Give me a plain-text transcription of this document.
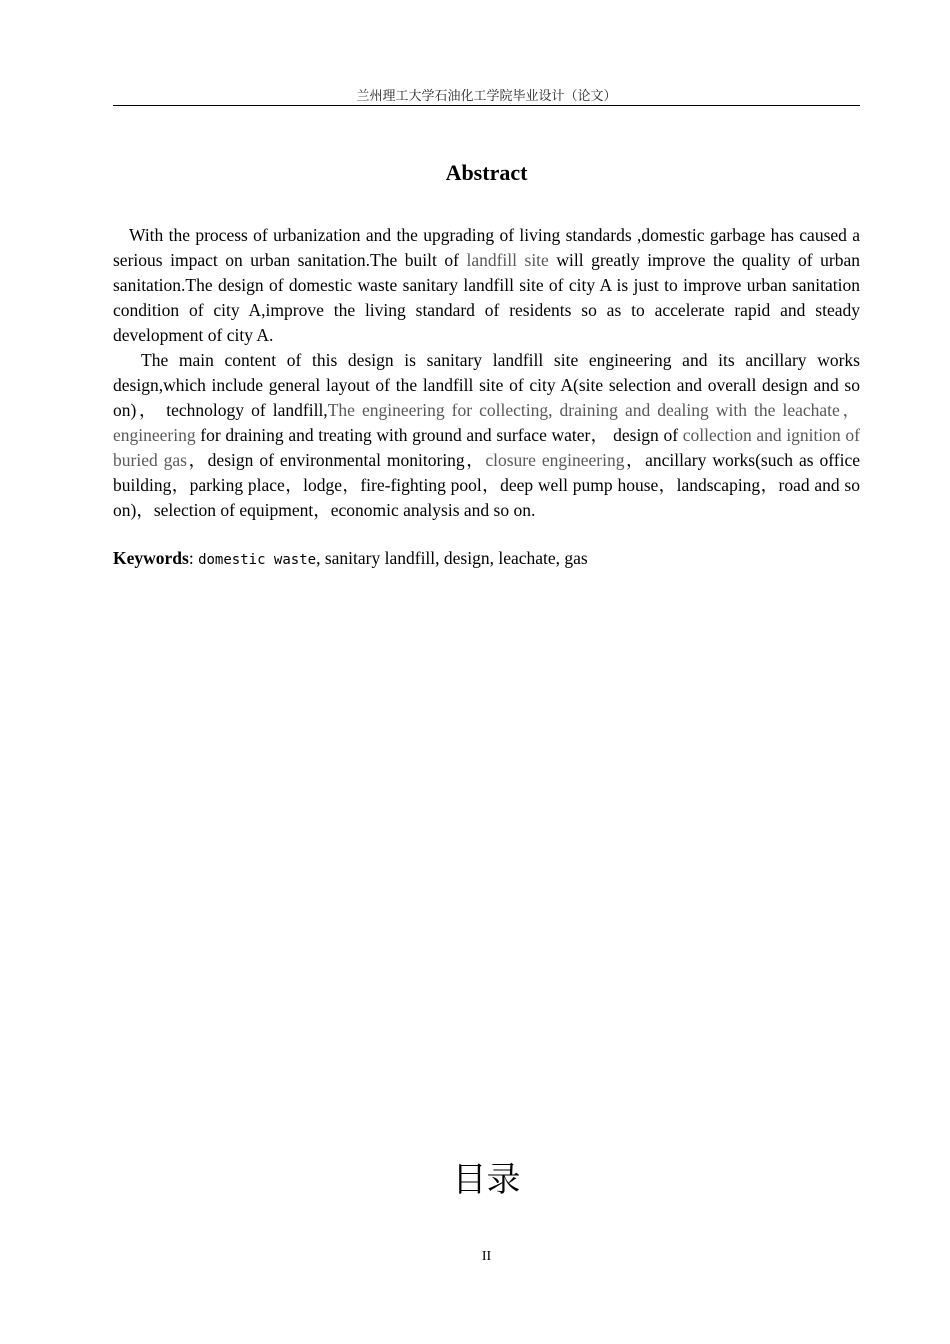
兰州理工大学石油化工学院毕业设计（论文）
Abstract

With the process of urbanization and the upgrading of living standards ,domestic garbage has caused a serious impact on urban sanitation.The built of landfill site will greatly improve the quality of urban sanitation.The design of domestic waste sanitary landfill site of city A is just to improve urban sanitation condition of city A,improve the living standard of residents so as to accelerate rapid and steady development of city A.

The main content of this design is sanitary landfill site engineering and its ancillary works design,which include general layout of the landfill site of city A(site selection and overall design and so on)， technology of landfill,The engineering for collecting, draining and dealing with the leachate， engineering for draining and treating with ground and surface water， design of collection and ignition of buried gas，design of environmental monitoring，closure engineering，ancillary works(such as office building，parking place，lodge，fire-fighting pool，deep well pump house，landscaping，road and so on)，selection of equipment，economic analysis and so on.

Keywords: domestic waste, sanitary landfill, design, leachate, gas
目录
II
